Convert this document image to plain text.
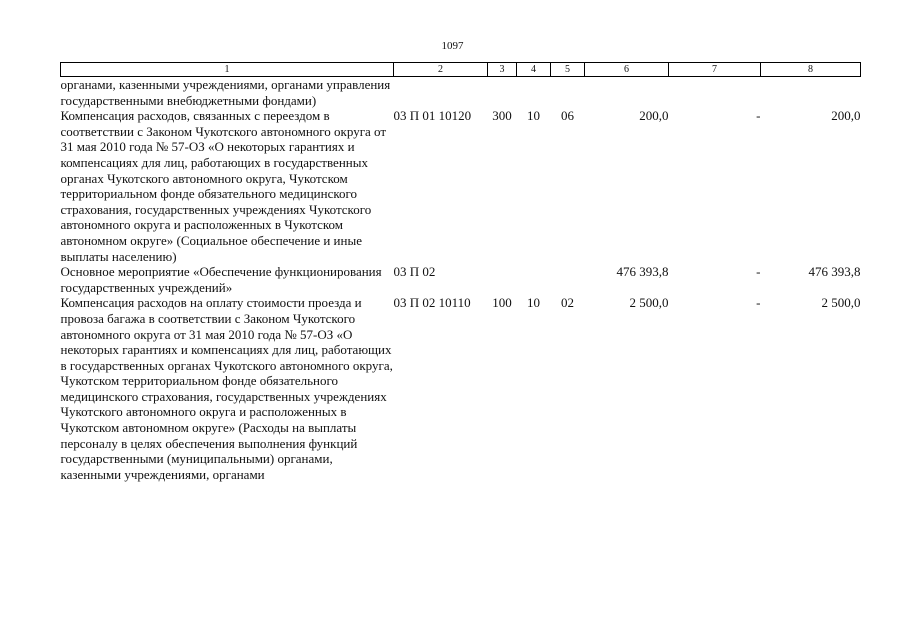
1097
1	2	3	4	5	6	7	8
органами, казенными учреждениями, органами управления государственными внебюджетными фондами)							
Компенсация расходов, связанных с переездом в соответствии с Законом Чукотского автономного округа от 31 мая 2010 года № 57-ОЗ «О некоторых гарантиях и компенсациях для лиц, работающих в государственных органах Чукотского автономного округа, Чукотском территориальном фонде обязательного медицинского страхования, государственных учреждениях Чукотского автономного округа и расположенных в Чукотском автономном округе» (Социальное обеспечение и иные выплаты населению)	03 П 01 10120	300	10	06	200,0	-	200,0
Основное мероприятие «Обеспечение функционирования государственных учреждений»	03 П 02				476 393,8	-	476 393,8
Компенсация расходов на оплату стоимости проезда и провоза багажа в соответствии с Законом Чукотского автономного округа от 31 мая 2010 года № 57-ОЗ «О некоторых гарантиях и компенсациях для лиц, работающих в государственных органах Чукотского автономного округа, Чукотском территориальном фонде обязательного медицинского страхования, государственных учреждениях Чукотского автономного округа и расположенных в Чукотском автономном округе» (Расходы на выплаты персоналу в целях обеспечения выполнения функций государственными (муниципальными) органами, казенными учреждениями, органами	03 П 02 10110	100	10	02	2 500,0	-	2 500,0
